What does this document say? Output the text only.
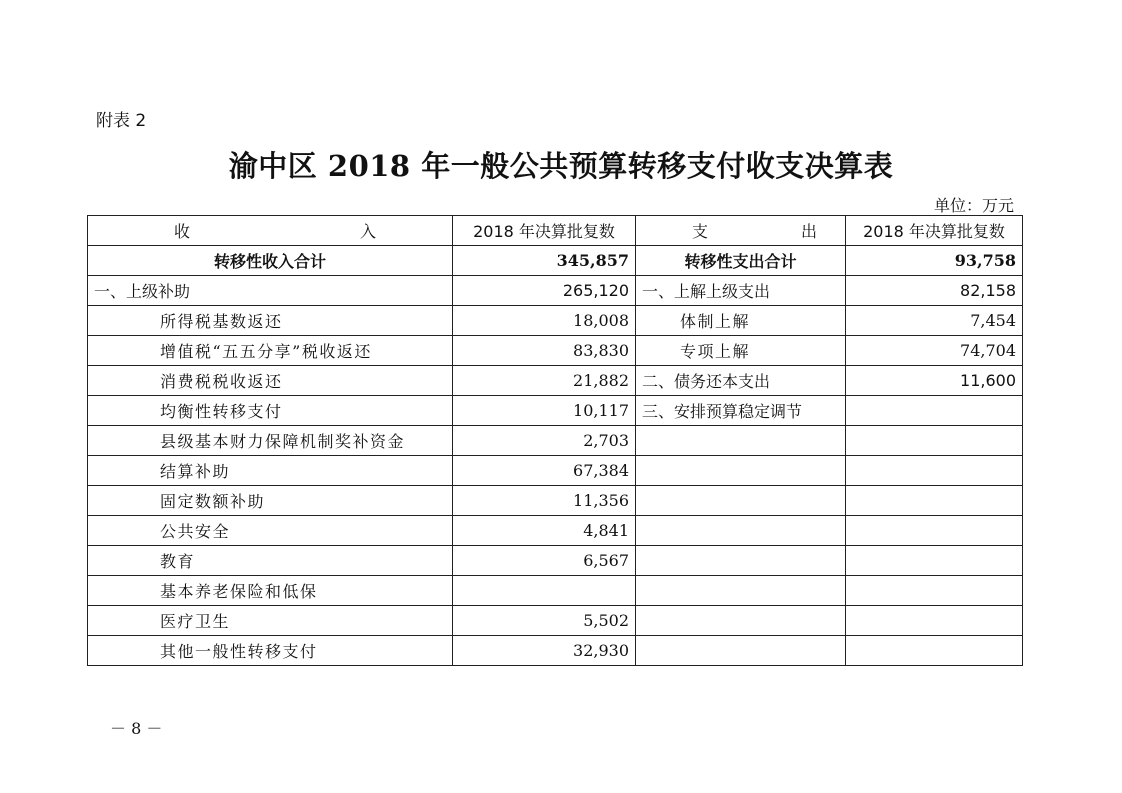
附表 2
渝中区 2018 年一般公共预算转移支付收支决算表
单位：万元
收 入	2018 年决算批复数	支 出	2018 年决算批复数
转移性收入合计	345,857	转移性支出合计	93,758
一、上级补助	265,120	一、上解上级支出	82,158
所得税基数返还	18,008	体制上解	7,454
增值税“五五分享”税收返还	83,830	专项上解	74,704
消费税税收返还	21,882	二、债务还本支出	11,600
均衡性转移支付	10,117	三、安排预算稳定调节	
县级基本财力保障机制奖补资金	2,703		
结算补助	67,384		
固定数额补助	11,356		
公共安全	4,841		
教育	6,567		
基本养老保险和低保			
医疗卫生	5,502		
其他一般性转移支付	32,930		
－ 8 －
